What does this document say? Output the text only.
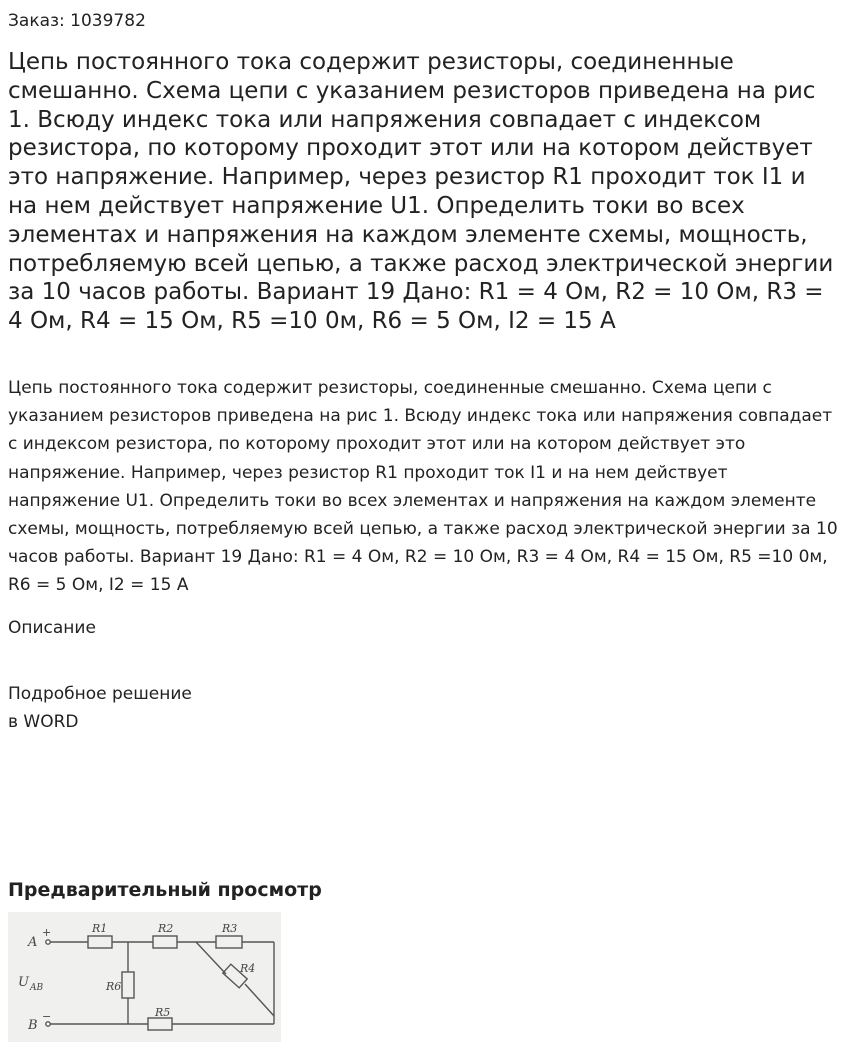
Заказ: 1039782
Цепь постоянного тока содержит резисторы, соединенные смешанно. Схема цепи с указанием резисторов приведена на рис 1. Всюду индекс тока или напряжения совпадает с индексом резистора, по которому проходит этот или на котором действует это напряжение. Например, через резистор R1 проходит ток I1 и на нем действует напряжение U1. Определить токи во всех элементах и напряжения на каждом элементе схемы, мощность, потребляемую всей цепью, а также расход электрической энергии за 10 часов работы. Вариант 19 Дано: R1 = 4 Ом, R2 = 10 Ом, R3 = 4 Ом, R4 = 15 Ом, R5 =10 0м, R6 = 5 Ом, I2 = 15 А

Цепь постоянного тока содержит резисторы, соединенные смешанно. Схема цепи с указанием резисторов приведена на рис 1. Всюду индекс тока или напряжения совпадает с индексом резистора, по которому проходит этот или на котором действует это напряжение. Например, через резистор R1 проходит ток I1 и на нем действует напряжение U1. Определить токи во всех элементах и напряжения на каждом элементе схемы, мощность, потребляемую всей цепью, а также расход электрической энергии за 10 часов работы. Вариант 19 Дано: R1 = 4 Ом, R2 = 10 Ом, R3 = 4 Ом, R4 = 15 Ом, R5 =10 0м, R6 = 5 Ом, I2 = 15 А

Описание
Подробное решение
в WORD
Предварительный просмотр
A
+	R1	R2	R3
R4
R5
R6
U AB
B
−
